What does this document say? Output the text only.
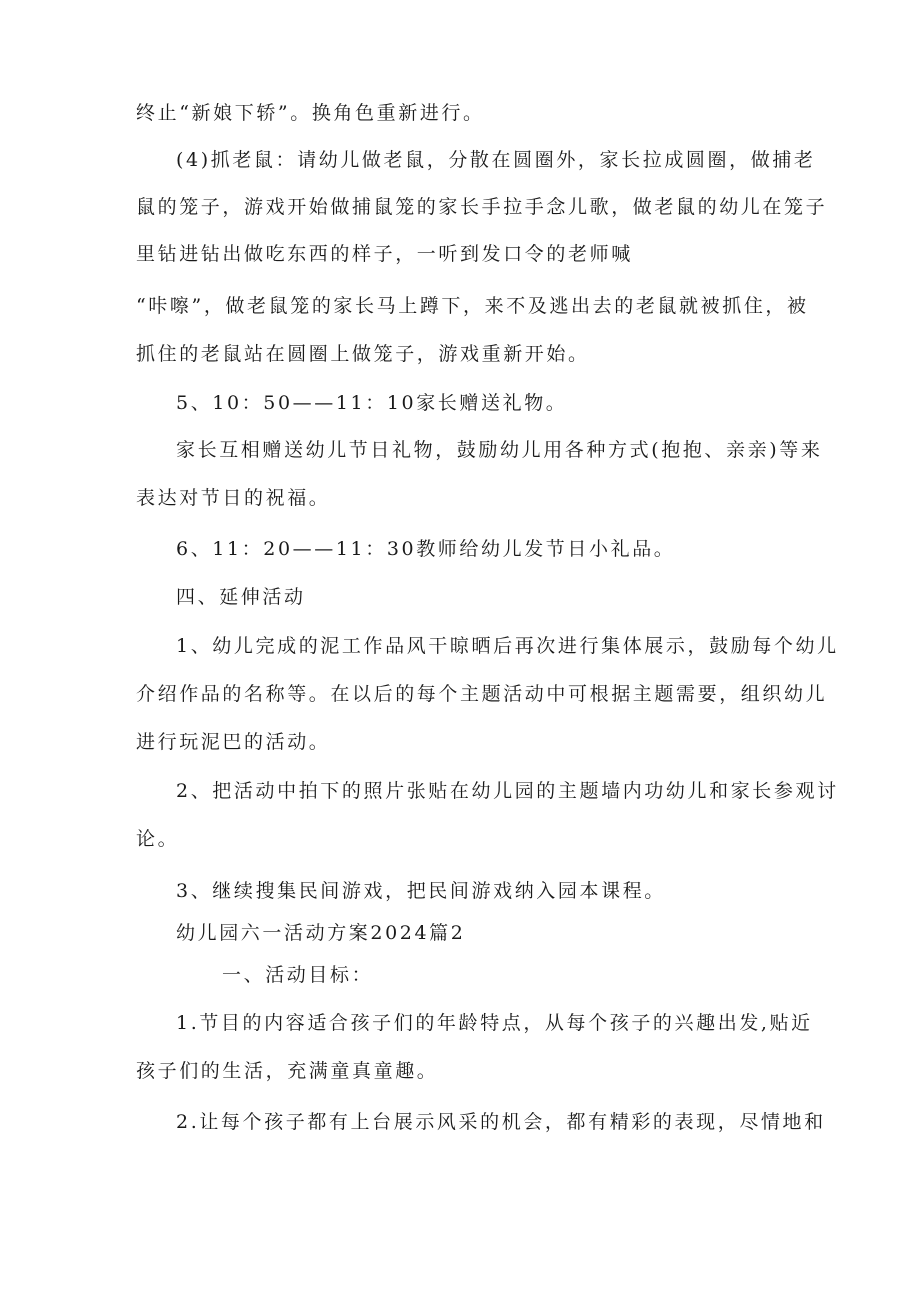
终止“新娘下轿”。换角色重新进行。
(4)抓老鼠：请幼儿做老鼠，分散在圆圈外，家长拉成圆圈，做捕老
鼠的笼子，游戏开始做捕鼠笼的家长手拉手念儿歌，做老鼠的幼儿在笼子
里钻进钻出做吃东西的样子，一听到发口令的老师喊
“咔嚓”，做老鼠笼的家长马上蹲下，来不及逃出去的老鼠就被抓住，被
抓住的老鼠站在圆圈上做笼子，游戏重新开始。
5、10：50——11：10家长赠送礼物。
家长互相赠送幼儿节日礼物，鼓励幼儿用各种方式(抱抱、亲亲)等来
表达对节日的祝福。
6、11：20——11：30教师给幼儿发节日小礼品。
四、延伸活动
1、幼儿完成的泥工作品风干晾晒后再次进行集体展示，鼓励每个幼儿
介绍作品的名称等。在以后的每个主题活动中可根据主题需要，组织幼儿
进行玩泥巴的活动。
2、把活动中拍下的照片张贴在幼儿园的主题墙内功幼儿和家长参观讨
论。
3、继续搜集民间游戏，把民间游戏纳入园本课程。
幼儿园六一活动方案2024篇2
一、活动目标：
1.节目的内容适合孩子们的年龄特点，从每个孩子的兴趣出发,贴近
孩子们的生活，充满童真童趣。
2.让每个孩子都有上台展示风采的机会，都有精彩的表现，尽情地和
